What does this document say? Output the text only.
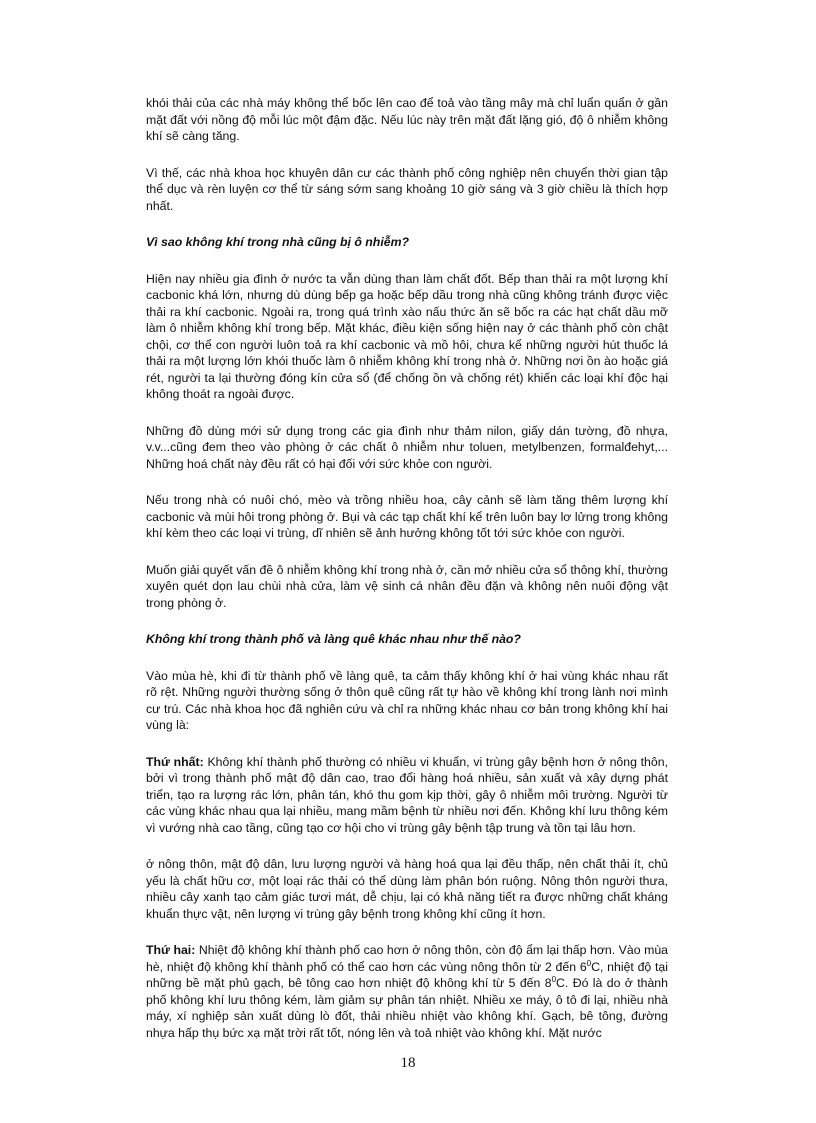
khói thải của các nhà máy không thể bốc lên cao để toả vào tầng mây mà chỉ luẩn quẩn ở gần mặt đất với nồng độ mỗi lúc một đậm đặc. Nếu lúc này trên mặt đất lặng gió, độ ô nhiễm không khí sẽ càng tăng.

Vì thế, các nhà khoa học khuyên dân cư các thành phố công nghiệp nên chuyển thời gian tập thể dục và rèn luyện cơ thể từ sáng sớm sang khoảng 10 giờ sáng và 3 giờ chiều là thích hợp nhất.

Vì sao không khí trong nhà cũng bị ô nhiễm?

Hiện nay nhiều gia đình ở nước ta vẫn dùng than làm chất đốt. Bếp than thải ra một lượng khí cacbonic khá lớn, nhưng dù dùng bếp ga hoặc bếp dầu trong nhà cũng không tránh được việc thải ra khí cacbonic. Ngoài ra, trong quá trình xào nấu thức ăn sẽ bốc ra các hạt chất dầu mỡ làm ô nhiễm không khí trong bếp. Mặt khác, điều kiện sống hiện nay ở các thành phố còn chật chội, cơ thể con người luôn toả ra khí cacbonic và mồ hôi, chưa kể những người hút thuốc lá thải ra một lượng lớn khói thuốc làm ô nhiễm không khí trong nhà ở. Những nơi ồn ào hoặc giá rét, người ta lại thường đóng kín cửa sổ (để chống ồn và chống rét) khiến các loại khí độc hại không thoát ra ngoài được.

Những đồ dùng mới sử dụng trong các gia đình như thảm nilon, giấy dán tường, đồ nhựa, v.v...cũng đem theo vào phòng ở các chất ô nhiễm như toluen, metylbenzen, formalđehyt,... Những hoá chất này đều rất có hại đối với sức khỏe con người.

Nếu trong nhà có nuôi chó, mèo và trồng nhiều hoa, cây cảnh sẽ làm tăng thêm lượng khí cacbonic và mùi hôi trong phòng ở. Bụi và các tạp chất khí kể trên luôn bay lơ lửng trong không khí kèm theo các loại vi trùng, dĩ nhiên sẽ ảnh hưởng không tốt tới sức khỏe con người.

Muốn giải quyết vấn đề ô nhiễm không khí trong nhà ở, cần mở nhiều cửa sổ thông khí, thường xuyên quét dọn lau chùi nhà cửa, làm vệ sinh cá nhân đều đặn và không nên nuôi động vật trong phòng ở.

Không khí trong thành phố và làng quê khác nhau như thế nào?

Vào mùa hè, khi đi từ thành phố về làng quê, ta cảm thấy không khí ở hai vùng khác nhau rất rõ rệt. Những người thường sống ở thôn quê cũng rất tự hào về không khí trong lành nơi mình cư trú. Các nhà khoa học đã nghiên cứu và chỉ ra những khác nhau cơ bản trong không khí hai vùng là:

Thứ nhất: Không khí thành phố thường có nhiều vi khuẩn, vi trùng gây bệnh hơn ở nông thôn, bởi vì trong thành phố mật độ dân cao, trao đổi hàng hoá nhiều, sản xuất và xây dựng phát triển, tạo ra lượng rác lớn, phân tán, khó thu gom kịp thời, gây ô nhiễm môi trường. Người từ các vùng khác nhau qua lại nhiều, mang mầm bệnh từ nhiều nơi đến. Không khí lưu thông kém vì vướng nhà cao tầng, cũng tạo cơ hội cho vi trùng gây bệnh tập trung và tồn tại lâu hơn.

ở nông thôn, mật độ dân, lưu lượng người và hàng hoá qua lại đều thấp, nên chất thải ít, chủ yếu là chất hữu cơ, một loại rác thải có thể dùng làm phân bón ruộng. Nông thôn người thưa, nhiều cây xanh tạo cảm giác tươi mát, dễ chịu, lại có khả năng tiết ra được những chất kháng khuẩn thực vật, nên lượng vi trùng gây bệnh trong không khí cũng ít hơn.

Thứ hai: Nhiệt độ không khí thành phố cao hơn ở nông thôn, còn độ ẩm lại thấp hơn. Vào mùa hè, nhiệt độ không khí thành phố có thể cao hơn các vùng nông thôn từ 2 đến $6^0C$, nhiệt độ tại những bề mặt phủ gạch, bê tông cao hơn nhiệt độ không khí từ 5 đến $8^0C$. Đó là do ở thành phố không khí lưu thông kém, làm giảm sự phân tán nhiệt. Nhiều xe máy, ô tô đi lại, nhiều nhà máy, xí nghiệp sản xuất dùng lò đốt, thải nhiều nhiệt vào không khí. Gạch, bê tông, đường nhựa hấp thụ bức xạ mặt trời rất tốt, nóng lên và toả nhiệt vào không khí. Mặt nước

18
